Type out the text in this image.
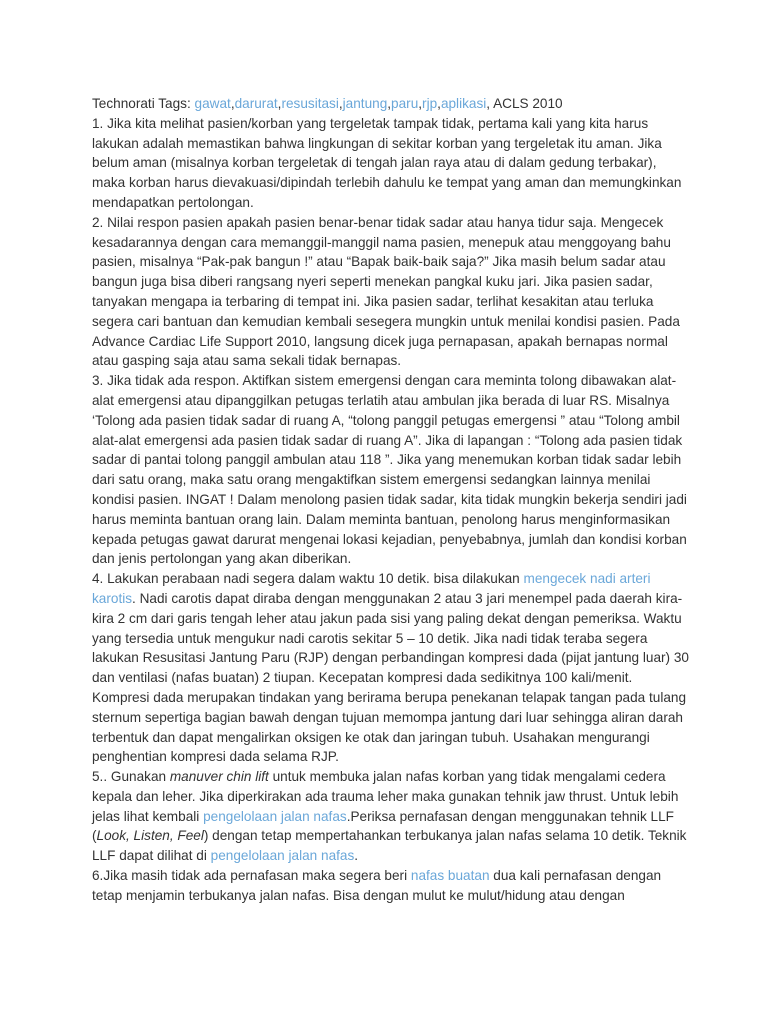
Technorati Tags: gawat,darurat,resusitasi,jantung,paru,rjp,aplikasi, ACLS 2010

1. Jika kita melihat pasien/korban yang tergeletak tampak tidak, pertama kali yang kita harus lakukan adalah memastikan bahwa lingkungan di sekitar korban yang tergeletak itu aman. Jika belum aman (misalnya korban tergeletak di tengah jalan raya atau di dalam gedung terbakar), maka korban harus dievakuasi/dipindah terlebih dahulu ke tempat yang aman dan memungkinkan mendapatkan pertolongan.

2. Nilai respon pasien apakah pasien benar-benar tidak sadar atau hanya tidur saja. Mengecek kesadarannya dengan cara memanggil-manggil nama pasien, menepuk atau menggoyang bahu pasien, misalnya “Pak-pak bangun !” atau “Bapak baik-baik saja?” Jika masih belum sadar atau bangun juga bisa diberi rangsang nyeri seperti menekan pangkal kuku jari. Jika pasien sadar, tanyakan mengapa ia terbaring di tempat ini. Jika pasien sadar, terlihat kesakitan atau terluka segera cari bantuan dan kemudian kembali sesegera mungkin untuk menilai kondisi pasien. Pada Advance Cardiac Life Support 2010, langsung dicek juga pernapasan, apakah bernapas normal atau gasping saja atau sama sekali tidak bernapas.

3. Jika tidak ada respon. Aktifkan sistem emergensi dengan cara meminta tolong dibawakan alat-alat emergensi atau dipanggilkan petugas terlatih atau ambulan jika berada di luar RS. Misalnya ‘Tolong ada pasien tidak sadar di ruang A, “tolong panggil petugas emergensi ” atau “Tolong ambil alat-alat emergensi ada pasien tidak sadar di ruang A”. Jika di lapangan : “Tolong ada pasien tidak sadar di pantai tolong panggil ambulan atau 118 ”. Jika yang menemukan korban tidak sadar lebih dari satu orang, maka satu orang mengaktifkan sistem emergensi sedangkan lainnya menilai kondisi pasien. INGAT ! Dalam menolong pasien tidak sadar, kita tidak mungkin bekerja sendiri jadi harus meminta bantuan orang lain. Dalam meminta bantuan, penolong harus menginformasikan kepada petugas gawat darurat mengenai lokasi kejadian, penyebabnya, jumlah dan kondisi korban dan jenis pertolongan yang akan diberikan.

4. Lakukan perabaan nadi segera dalam waktu 10 detik. bisa dilakukan mengecek nadi arteri karotis. Nadi carotis dapat diraba dengan menggunakan 2 atau 3 jari menempel pada daerah kira-kira 2 cm dari garis tengah leher atau jakun pada sisi yang paling dekat dengan pemeriksa. Waktu yang tersedia untuk mengukur nadi carotis sekitar 5 – 10 detik. Jika nadi tidak teraba segera lakukan Resusitasi Jantung Paru (RJP) dengan perbandingan kompresi dada (pijat jantung luar) 30 dan ventilasi (nafas buatan) 2 tiupan. Kecepatan kompresi dada sedikitnya 100 kali/menit. Kompresi dada merupakan tindakan yang berirama berupa penekanan telapak tangan pada tulang sternum sepertiga bagian bawah dengan tujuan memompa jantung dari luar sehingga aliran darah terbentuk dan dapat mengalirkan oksigen ke otak dan jaringan tubuh. Usahakan mengurangi penghentian kompresi dada selama RJP.

5.. Gunakan manuver chin lift untuk membuka jalan nafas korban yang tidak mengalami cedera kepala dan leher. Jika diperkirakan ada trauma leher maka gunakan tehnik jaw thrust. Untuk lebih jelas lihat kembali pengelolaan jalan nafas.Periksa pernafasan dengan menggunakan tehnik LLF (Look, Listen, Feel) dengan tetap mempertahankan terbukanya jalan nafas selama 10 detik. Teknik LLF dapat dilihat di pengelolaan jalan nafas.

6.Jika masih tidak ada pernafasan maka segera beri nafas buatan dua kali pernafasan dengan tetap menjamin terbukanya jalan nafas. Bisa dengan mulut ke mulut/hidung atau dengan
